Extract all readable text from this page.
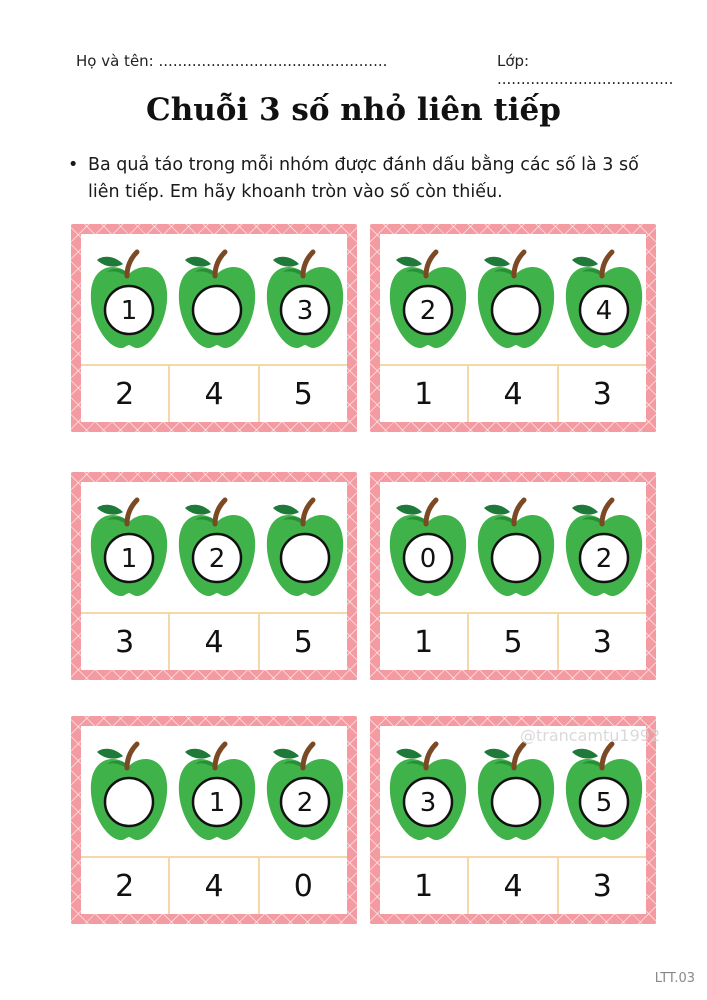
Họ và tên: ................................................	Lớp: .....................................
Chuỗi 3 số nhỏ liên tiếp
• Ba quả táo trong mỗi nhóm được đánh dấu bằng các số là 3 số liên tiếp. Em hãy khoanh tròn vào số còn thiếu.
1	3
2	4	5
2	4
1	4	3
1	2
3	4	5
0	2
1	5	3
1	2
2	4	0
3	5
1	4	3
@trancamtu1992
LTT.03
